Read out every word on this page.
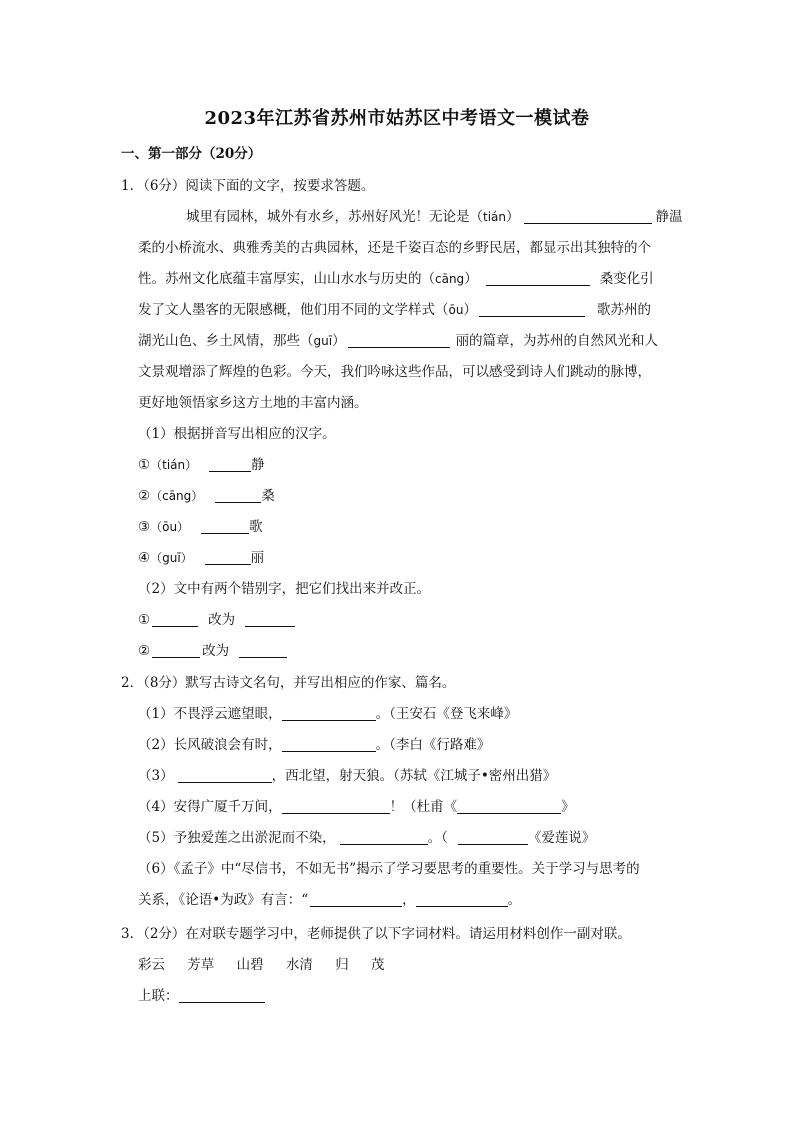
2023年江苏省苏州市姑苏区中考语文一模试卷
一、第一部分（20分）
1．（6分）阅读下面的文字，按要求答题。
城里有园林，城外有水乡，苏州好风光！无论是（tián）	静温
柔的小桥流水、典雅秀美的古典园林，还是千姿百态的乡野民居，都显示出其独特的个
性。苏州文化底蕴丰富厚实，山山水水与历史的（cāng）	桑变化引
发了文人墨客的无限感概，他们用不同的文学样式（ōu）	歌苏州的
湖光山色、乡土风情，那些（guī）	丽的篇章，为苏州的自然风光和人
文景观增添了辉煌的色彩。今天，我们吟咏这些作品，可以感受到诗人们跳动的脉博，
更好地领悟家乡这方土地的丰富内涵。
（1）根据拼音写出相应的汉字。
①（tián）	静
②（cāng）	桑
③（ōu）	歌
④（guī）	丽
（2）文中有两个错别字，把它们找出来并改正。
①	改为
②	改为
2．（8分）默写古诗文名句，并写出相应的作家、篇名。
（1）不畏浮云遮望眼，	。（王安石《登飞来峰》
（2）长风破浪会有时，	。（李白《行路难》
（3）	，西北望，射天狼。（苏轼《江城子•密州出猎》
（4）安得广厦千万间，	！（杜甫《	》
（5）予独爱莲之出淤泥而不染，	。（	《爱莲说》
（6）《孟子》中“尽信书，不如无书”揭示了学习要思考的重要性。关于学习与思考的
关系，《论语•为政》有言：“	，	。
3．（2分）在对联专题学习中，老师提供了以下字词材料。请运用材料创作一副对联。
彩云 芳草 山碧 水清 归 茂
上联：
